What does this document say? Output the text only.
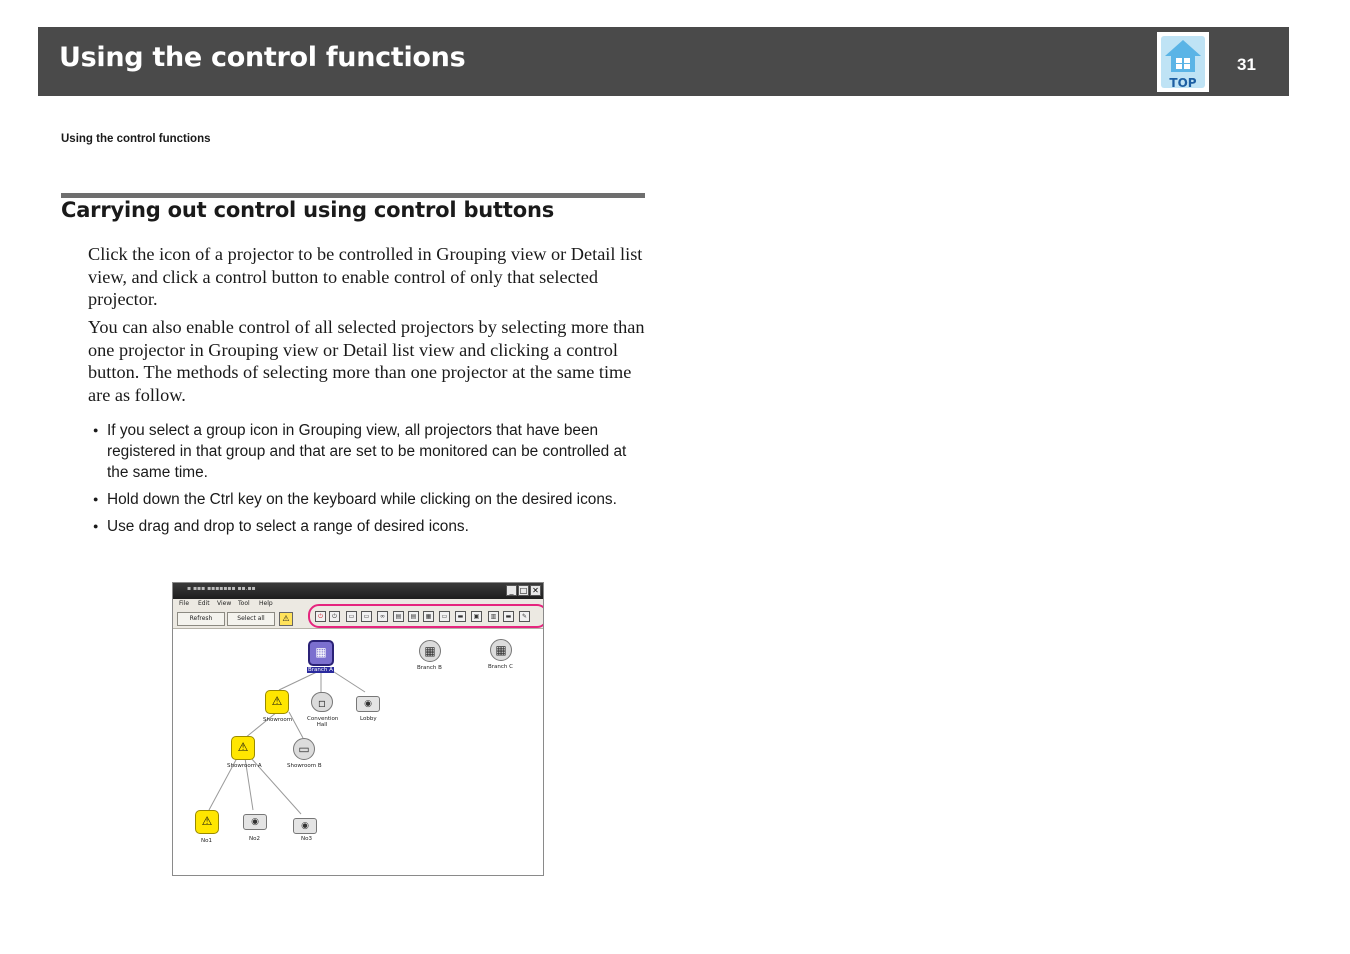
Using the control functions
TOP
31
Using the control functions
Carrying out control using control buttons

Click the icon of a projector to be controlled in Grouping view or Detail list view, and click a control button to enable control of only that selected projector.

You can also enable control of all selected projectors by selecting more than one projector in Grouping view or Detail list view and clicking a control button. The methods of selecting more than one projector at the same time are as follow.

● If you select a group icon in Grouping view, all projectors that have been registered in that group and that are set to be monitored can be controlled at the same time.
● Hold down the Ctrl key on the keyboard while clicking on the desired icons.
● Use drag and drop to select a range of desired icons.
▪ ▪▪▪ ▪▪▪▪▪▪▪ ▪▪.▪▪	_ □ ✕
File Edit View Tool Help
Refresh	Select all	⚠	⏻	⏻	▭	▭	∞	▤	▤	▦	▭	▬	▣	▥	▬	✎
▦
Branch A
▦
Branch B
▦
Branch C
⚠
Showroom
▫
Convention Hall
◉
Lobby
⚠
Showroom A
▭
Showroom B
⚠
No1
◉
No2
◉
No3
